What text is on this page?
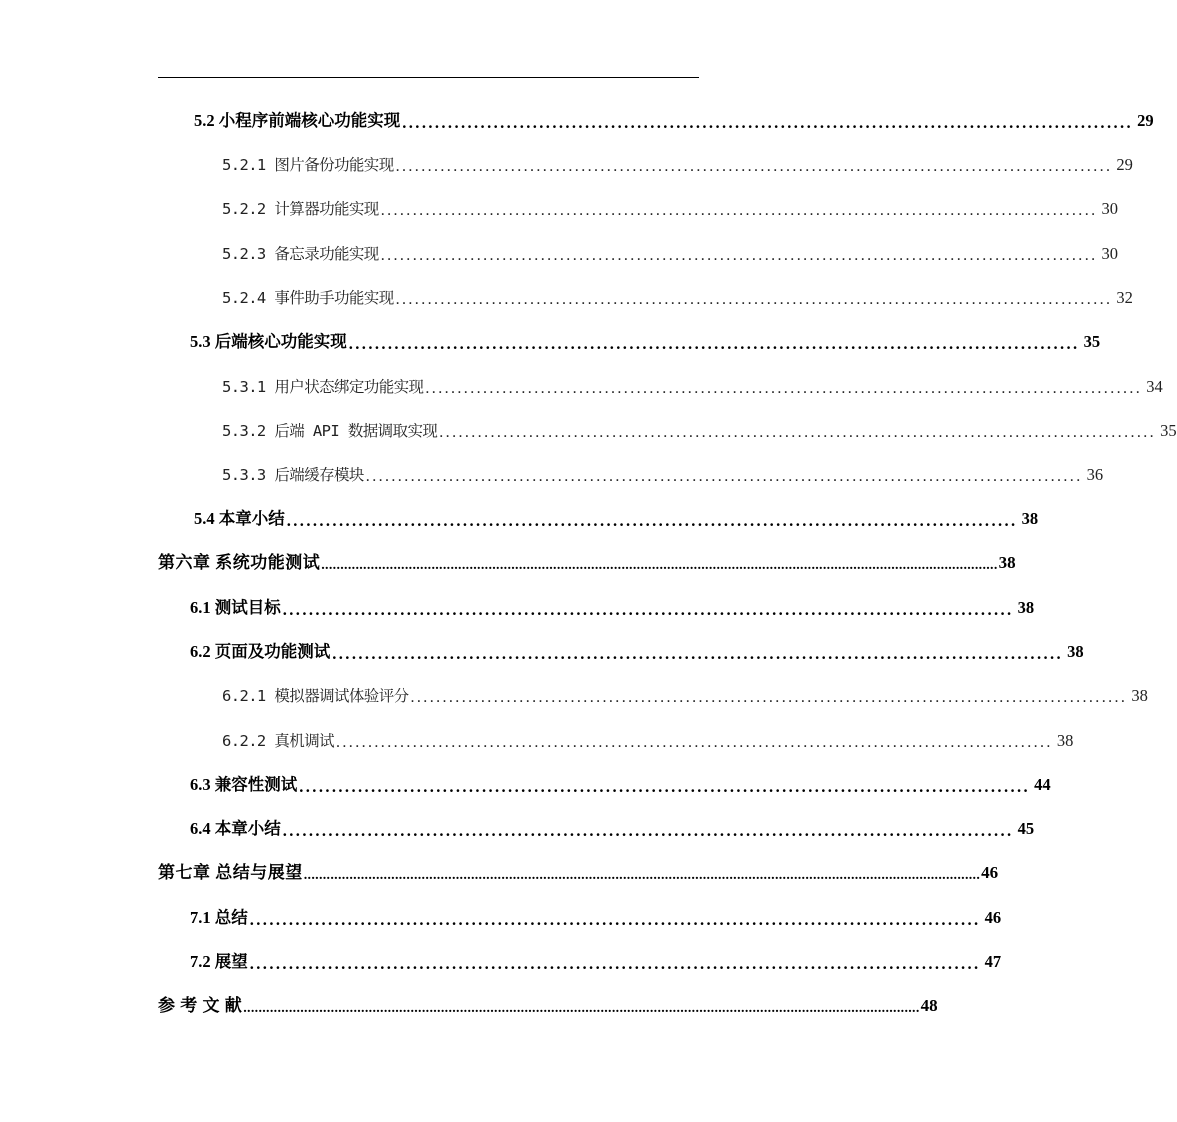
5.2 小程序前端核心功能实现 ................................................................................................................ 29
5.2.1 图片备份功能实现 ................................................................................................................ 29
5.2.2 计算器功能实现 ................................................................................................................ 30
5.2.3 备忘录功能实现 ................................................................................................................ 30
5.2.4 事件助手功能实现 ................................................................................................................ 32
5.3 后端核心功能实现 ................................................................................................................ 35
5.3.1 用户状态绑定功能实现 ................................................................................................................ 34
5.3.2 后端 API 数据调取实现 ................................................................................................................ 35
5.3.3 后端缓存模块 ................................................................................................................ 36
5.4 本章小结 ................................................................................................................ 38
第六章 系统功能测试 .................................................................................................................................................................................. 38
6.1 测试目标 ................................................................................................................ 38
6.2 页面及功能测试 ................................................................................................................ 38
6.2.1 模拟器调试体验评分 ................................................................................................................ 38
6.2.2 真机调试 ................................................................................................................ 38
6.3 兼容性测试 ................................................................................................................ 44
6.4 本章小结 ................................................................................................................ 45
第七章 总结与展望 .................................................................................................................................................................................. 46
7.1 总结 ................................................................................................................ 46
7.2 展望 ................................................................................................................ 47
参 考 文 献 .................................................................................................................................................................................. 48
